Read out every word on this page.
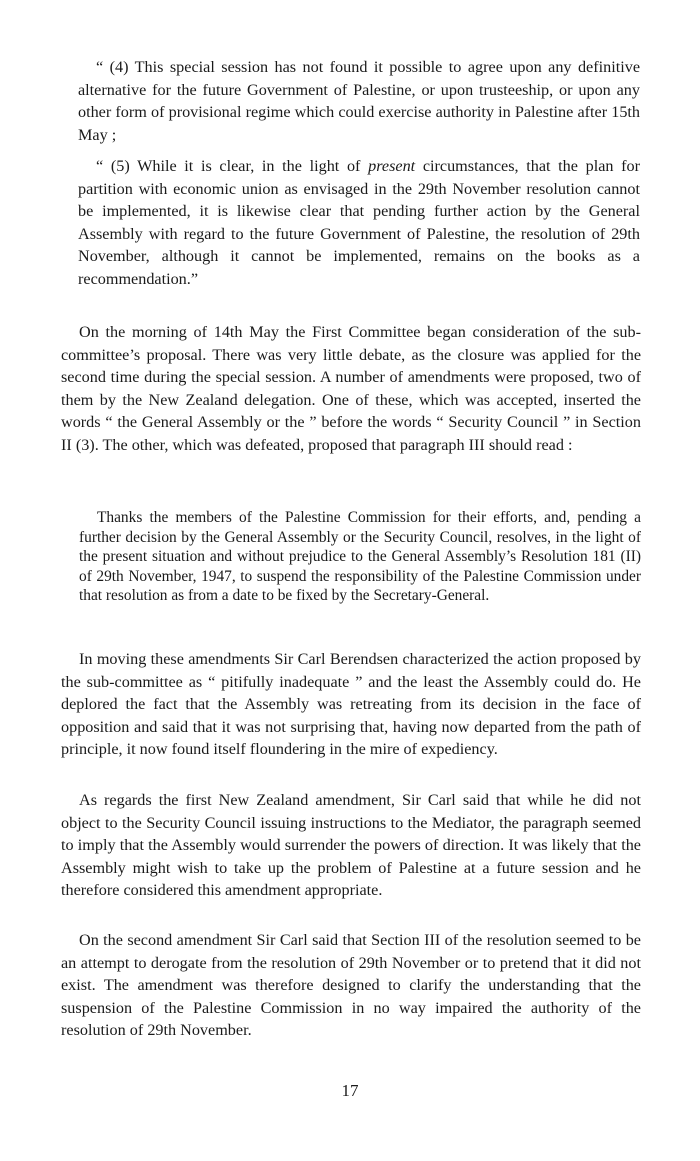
“ (4) This special session has not found it possible to agree upon any definitive alternative for the future Government of Palestine, or upon trusteeship, or upon any other form of provisional regime which could exercise authority in Palestine after 15th May ;

“ (5) While it is clear, in the light of present circumstances, that the plan for partition with economic union as envisaged in the 29th November resolution cannot be implemented, it is likewise clear that pending further action by the General Assembly with regard to the future Government of Palestine, the resolution of 29th November, although it cannot be implemented, remains on the books as a recommendation.”

On the morning of 14th May the First Committee began consideration of the sub-committee’s proposal. There was very little debate, as the closure was applied for the second time during the special session. A number of amendments were proposed, two of them by the New Zealand delegation. One of these, which was accepted, inserted the words “ the General Assembly or the ” before the words “ Security Council ” in Section II (3). The other, which was defeated, proposed that paragraph III should read :

Thanks the members of the Palestine Commission for their efforts, and, pending a further decision by the General Assembly or the Security Council, resolves, in the light of the present situation and without prejudice to the General Assembly’s Resolution 181 (II) of 29th November, 1947, to suspend the responsibility of the Palestine Commission under that resolution as from a date to be fixed by the Secretary-General.

In moving these amendments Sir Carl Berendsen characterized the action proposed by the sub-committee as “ pitifully inadequate ” and the least the Assembly could do. He deplored the fact that the Assembly was retreating from its decision in the face of opposition and said that it was not surprising that, having now departed from the path of principle, it now found itself floundering in the mire of expediency.

As regards the first New Zealand amendment, Sir Carl said that while he did not object to the Security Council issuing instructions to the Mediator, the paragraph seemed to imply that the Assembly would surrender the powers of direction. It was likely that the Assembly might wish to take up the problem of Palestine at a future session and he therefore considered this amendment appropriate.

On the second amendment Sir Carl said that Section III of the resolution seemed to be an attempt to derogate from the resolution of 29th November or to pretend that it did not exist. The amendment was therefore designed to clarify the understanding that the suspension of the Palestine Commission in no way impaired the authority of the resolution of 29th November.

17
